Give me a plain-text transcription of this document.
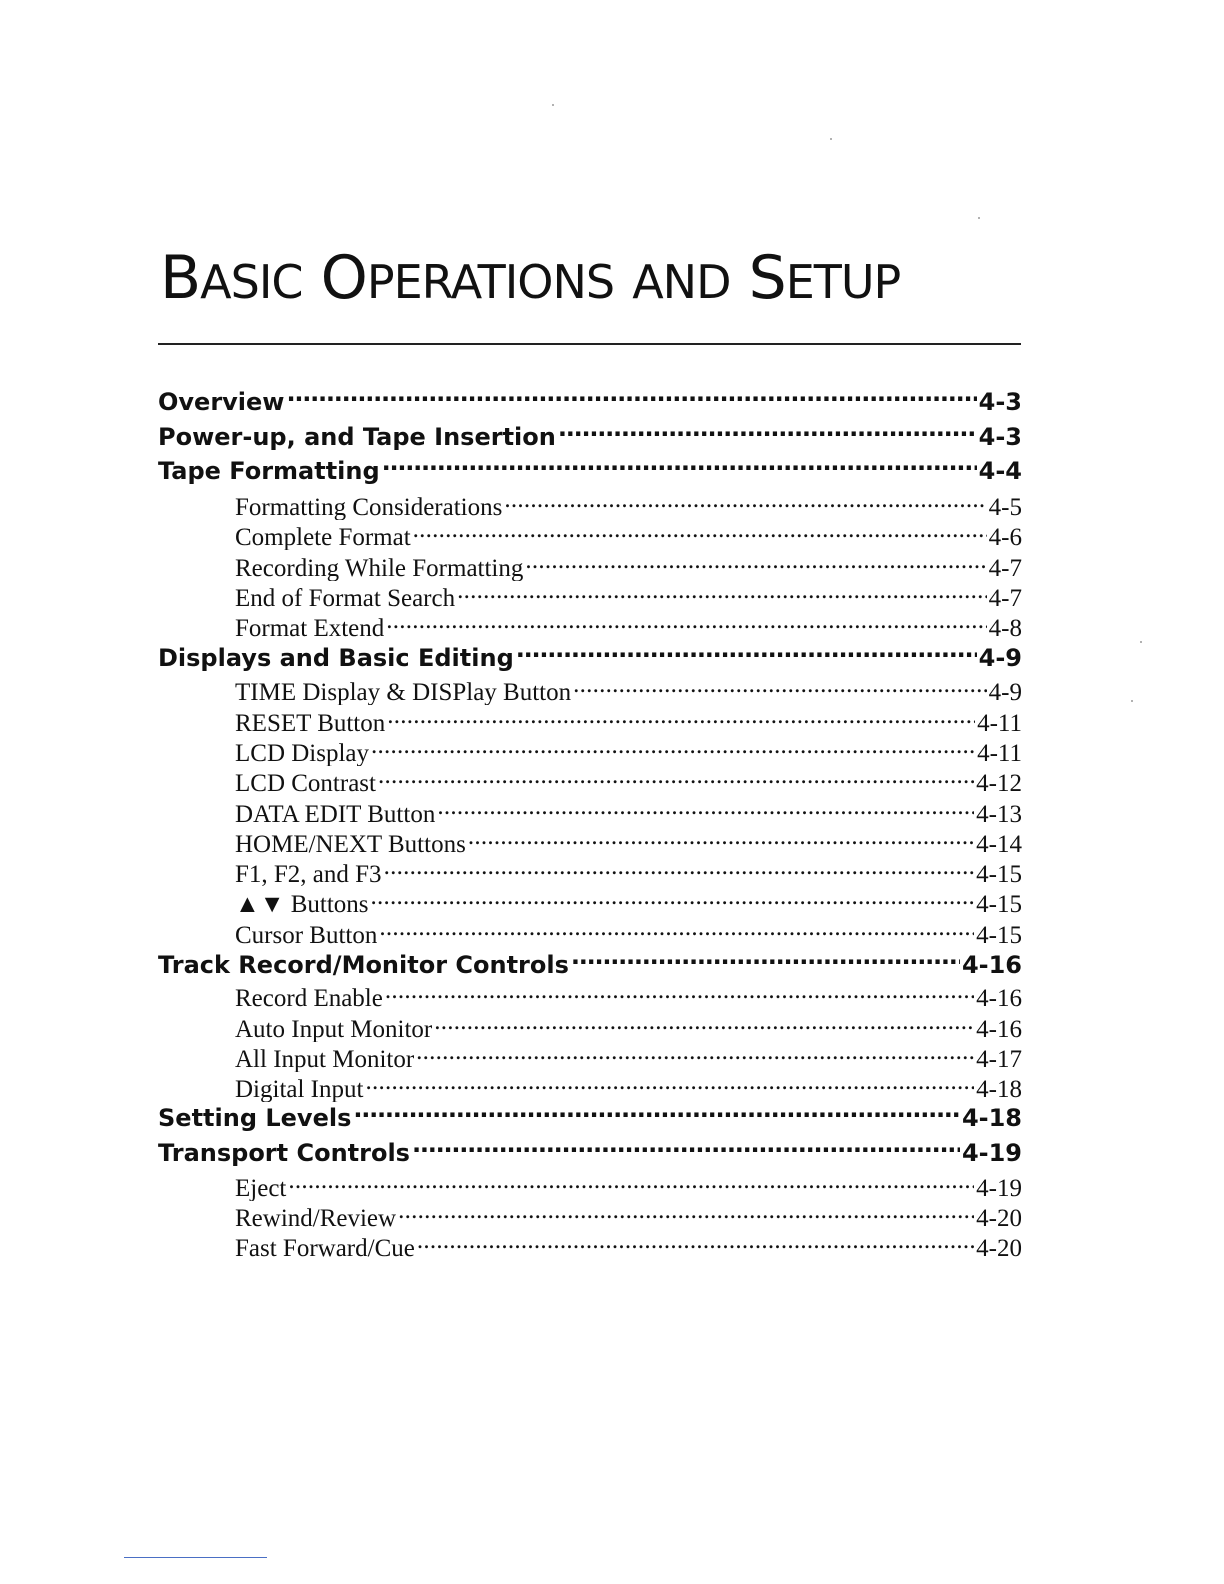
BASIC OPERATIONS AND SETUP
Overview . . .	4-3
Power-up, and Tape Insertion . . .	4-3
Tape Formatting . . .	4-4
Formatting Considerations . . .	4-5
Complete Format . . .	4-6
Recording While Formatting . . .	4-7
End of Format Search . . .	4-7
Format Extend . . .	4-8
Displays and Basic Editing . . .	4-9
TIME Display & DISPlay Button . . .	4-9
RESET Button . . .	4-11
LCD Display . . .	4-11
LCD Contrast . . .	4-12
DATA EDIT Button . . .	4-13
HOME/NEXT Buttons . . .	4-14
F1, F2, and F3 . . .	4-15
▲▼ Buttons . . .	4-15
Cursor Button . . .	4-15
Track Record/Monitor Controls . . .	4-16
Record Enable . . .	4-16
Auto Input Monitor . . .	4-16
All Input Monitor . . .	4-17
Digital Input . . .	4-18
Setting Levels . . .	4-18
Transport Controls . . .	4-19
Eject . . .	4-19
Rewind/Review . . .	4-20
Fast Forward/Cue . . .	4-20
